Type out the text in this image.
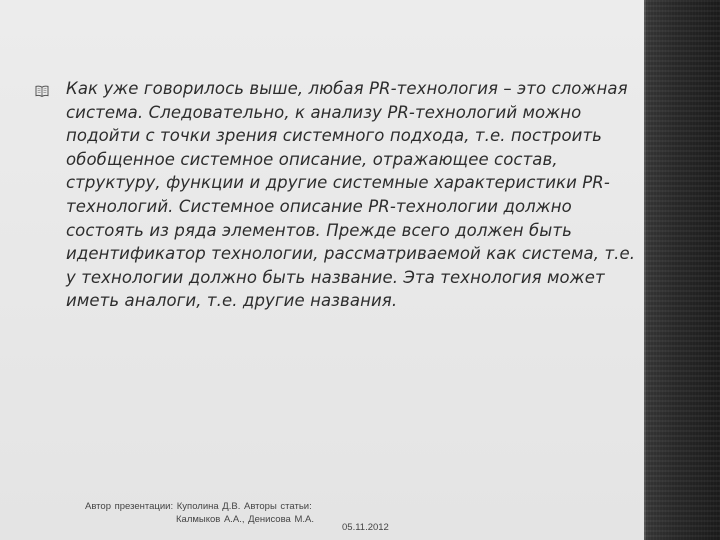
Как уже говорилось выше, любая PR-технология – это сложная система. Следовательно, к анализу PR-технологий можно подойти с точки зрения системного подхода, т.е. построить обобщенное системное описание, отражающее состав, структуру, функции и другие системные характеристики PR-технологий. Системное описание PR-технологии должно состоять из ряда элементов. Прежде всего должен быть идентификатор технологии, рассматриваемой как система, т.е. у технологии должно быть название. Эта технология может иметь аналоги, т.е. другие названия.

Автор презентации: Куполина Д.В. Авторы статьи:
Калмыков А.А., Денисова М.А.
05.11.2012
